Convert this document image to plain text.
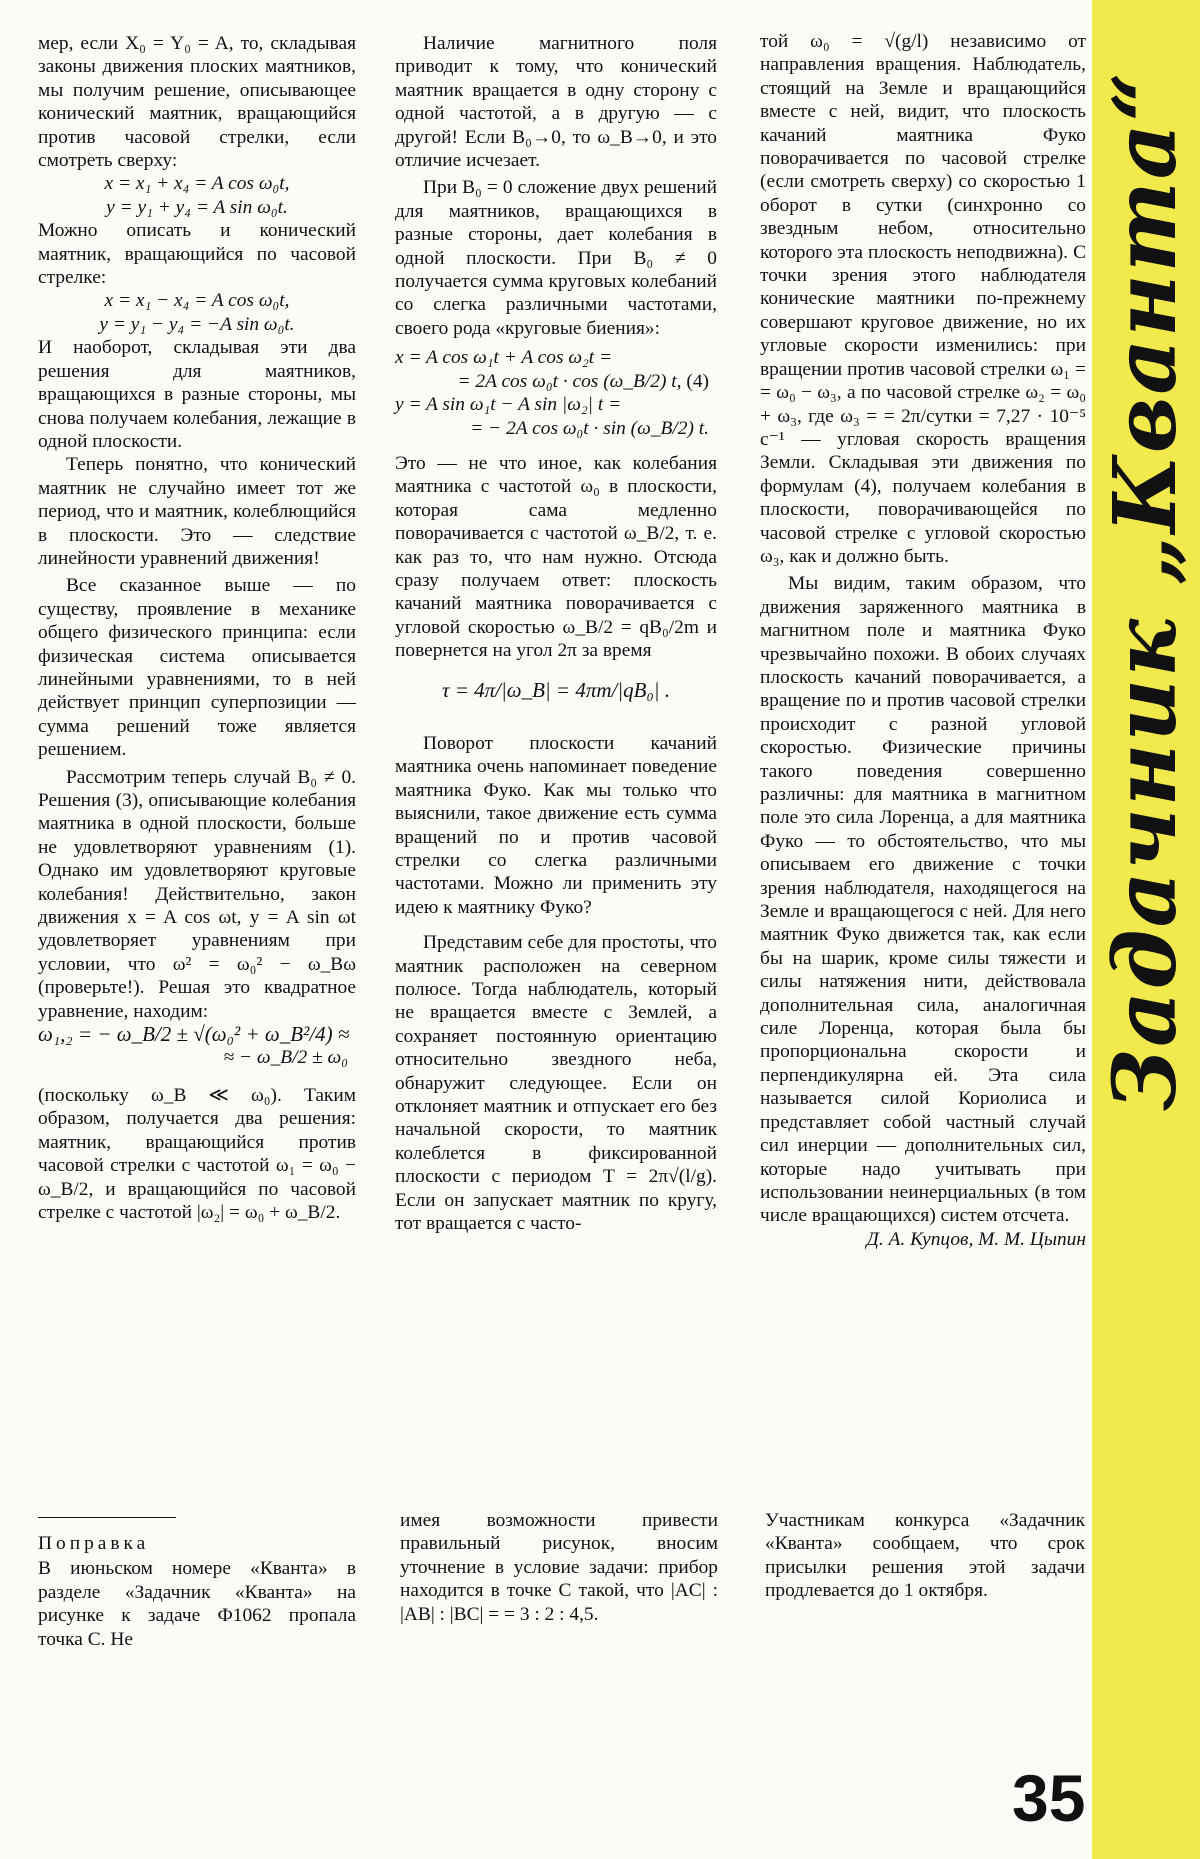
Задачник „Кванта“
35

мер, если X₀ = Y₀ = A, то, складывая законы движения плоских маятников, мы получим решение, описывающее конический маятник, вращающийся против часовой стрелки, если смотреть сверху:

x = x₁ + x₄ = A cos ω₀t,

y = y₁ + y₄ = A sin ω₀t.

Можно описать и конический маятник, вращающийся по часовой стрелке:

x = x₁ − x₄ = A cos ω₀t,

y = y₁ − y₄ = −A sin ω₀t.

И наоборот, складывая эти два решения для маятников, вращающихся в разные стороны, мы снова получаем колебания, лежащие в одной плоскости.

Теперь понятно, что конический маятник не случайно имеет тот же период, что и маятник, колеблющийся в плоскости. Это — следствие линейности уравнений движения!

Все сказанное выше — по существу, проявление в механике общего физического принципа: если физическая система описывается линейными уравнениями, то в ней действует принцип суперпозиции — сумма решений тоже является решением.

Рассмотрим теперь случай B₀ ≠ 0. Решения (3), описывающие колебания маятника в одной плоскости, больше не удовлетворяют уравнениям (1). Однако им удовлетворяют круговые колебания! Действительно, закон движения x = A cos ωt, y = A sin ωt удовлетворяет уравнениям при условии, что ω² = ω₀² − ω_Bω (проверьте!). Решая это квадратное уравнение, находим:

ω₁,₂ = − ω_B/2 ± √(ω₀² + ω_B²/4) ≈

≈ − ω_B/2 ± ω₀

(поскольку ω_B ≪ ω₀). Таким образом, получается два решения: маятник, вращающийся против часовой стрелки с частотой ω₁ = ω₀ − ω_B/2, и вращающийся по часовой стрелке с частотой |ω₂| = ω₀ + ω_B/2.

Наличие магнитного поля приводит к тому, что конический маятник вращается в одну сторону с одной частотой, а в другую — с другой! Если B₀→0, то ω_B→0, и это отличие исчезает.

При B₀ = 0 сложение двух решений для маятников, вращающихся в разные стороны, дает колебания в одной плоскости. При B₀ ≠ 0 получается сумма круговых колебаний со слегка различными частотами, своего рода «круговые биения»:

x = A cos ω₁t + A cos ω₂t =

= 2A cos ω₀t · cos (ω_B/2) t, (4)

y = A sin ω₁t − A sin |ω₂| t =

= − 2A cos ω₀t · sin (ω_B/2) t.

Это — не что иное, как колебания маятника с частотой ω₀ в плоскости, которая сама медленно поворачивается с частотой ω_B/2, т. е. как раз то, что нам нужно. Отсюда сразу получаем ответ: плоскость качаний маятника поворачивается с угловой скоростью ω_B/2 = qB₀/2m и повернется на угол 2π за время

τ = 4π/|ω_B| = 4πm/|qB₀| .

Поворот плоскости качаний маятника очень напоминает поведение маятника Фуко. Как мы только что выяснили, такое движение есть сумма вращений по и против часовой стрелки со слегка различными частотами. Можно ли применить эту идею к маятнику Фуко?

Представим себе для простоты, что маятник расположен на северном полюсе. Тогда наблюдатель, который не вращается вместе с Землей, а сохраняет постоянную ориентацию относительно звездного неба, обнаружит следующее. Если он отклоняет маятник и отпускает его без начальной скорости, то маятник колеблется в фиксированной плоскости с периодом T = 2π√(l/g). Если он запускает маятник по кругу, тот вращается с часто-

той ω₀ = √(g/l) независимо от направления вращения. Наблюдатель, стоящий на Земле и вращающийся вместе с ней, видит, что плоскость качаний маятника Фуко поворачивается по часовой стрелке (если смотреть сверху) со скоростью 1 оборот в сутки (синхронно со звездным небом, относительно которого эта плоскость неподвижна). С точки зрения этого наблюдателя конические маятники по-прежнему совершают круговое движение, но их угловые скорости изменились: при вращении против часовой стрелки ω₁ = = ω₀ − ω₃, а по часовой стрелке ω₂ = ω₀ + ω₃, где ω₃ = = 2π/сутки = 7,27 · 10⁻⁵ с⁻¹ — угловая скорость вращения Земли. Складывая эти движения по формулам (4), получаем колебания в плоскости, поворачивающейся по часовой стрелке с угловой скоростью ω₃, как и должно быть.

Мы видим, таким образом, что движения заряженного маятника в магнитном поле и маятника Фуко чрезвычайно похожи. В обоих случаях плоскость качаний поворачивается, а вращение по и против часовой стрелки происходит с разной угловой скоростью. Физические причины такого поведения совершенно различны: для маятника в магнитном поле это сила Лоренца, а для маятника Фуко — то обстоятельство, что мы описываем его движение с точки зрения наблюдателя, находящегося на Земле и вращающегося с ней. Для него маятник Фуко движется так, как если бы на шарик, кроме силы тяжести и силы натяжения нити, действовала дополнительная сила, аналогичная силе Лоренца, которая была бы пропорциональна скорости и перпендикулярна ей. Эта сила называется силой Кориолиса и представляет собой частный случай сил инерции — дополнительных сил, которые надо учитывать при использовании неинерциальных (в том числе вращающихся) систем отсчета.

Д. А. Купцов, М. М. Цыпин

Поправка

В июньском номере «Кванта» в разделе «Задачник «Кванта» на рисунке к задаче Ф1062 пропала точка C. Не

имея возможности привести правильный рисунок, вносим уточнение в условие задачи: прибор находится в точке C такой, что |AC| : |AB| : |BC| = = 3 : 2 : 4,5.

Участникам конкурса «Задачник «Кванта» сообщаем, что срок присылки решения этой задачи продлевается до 1 октября.
